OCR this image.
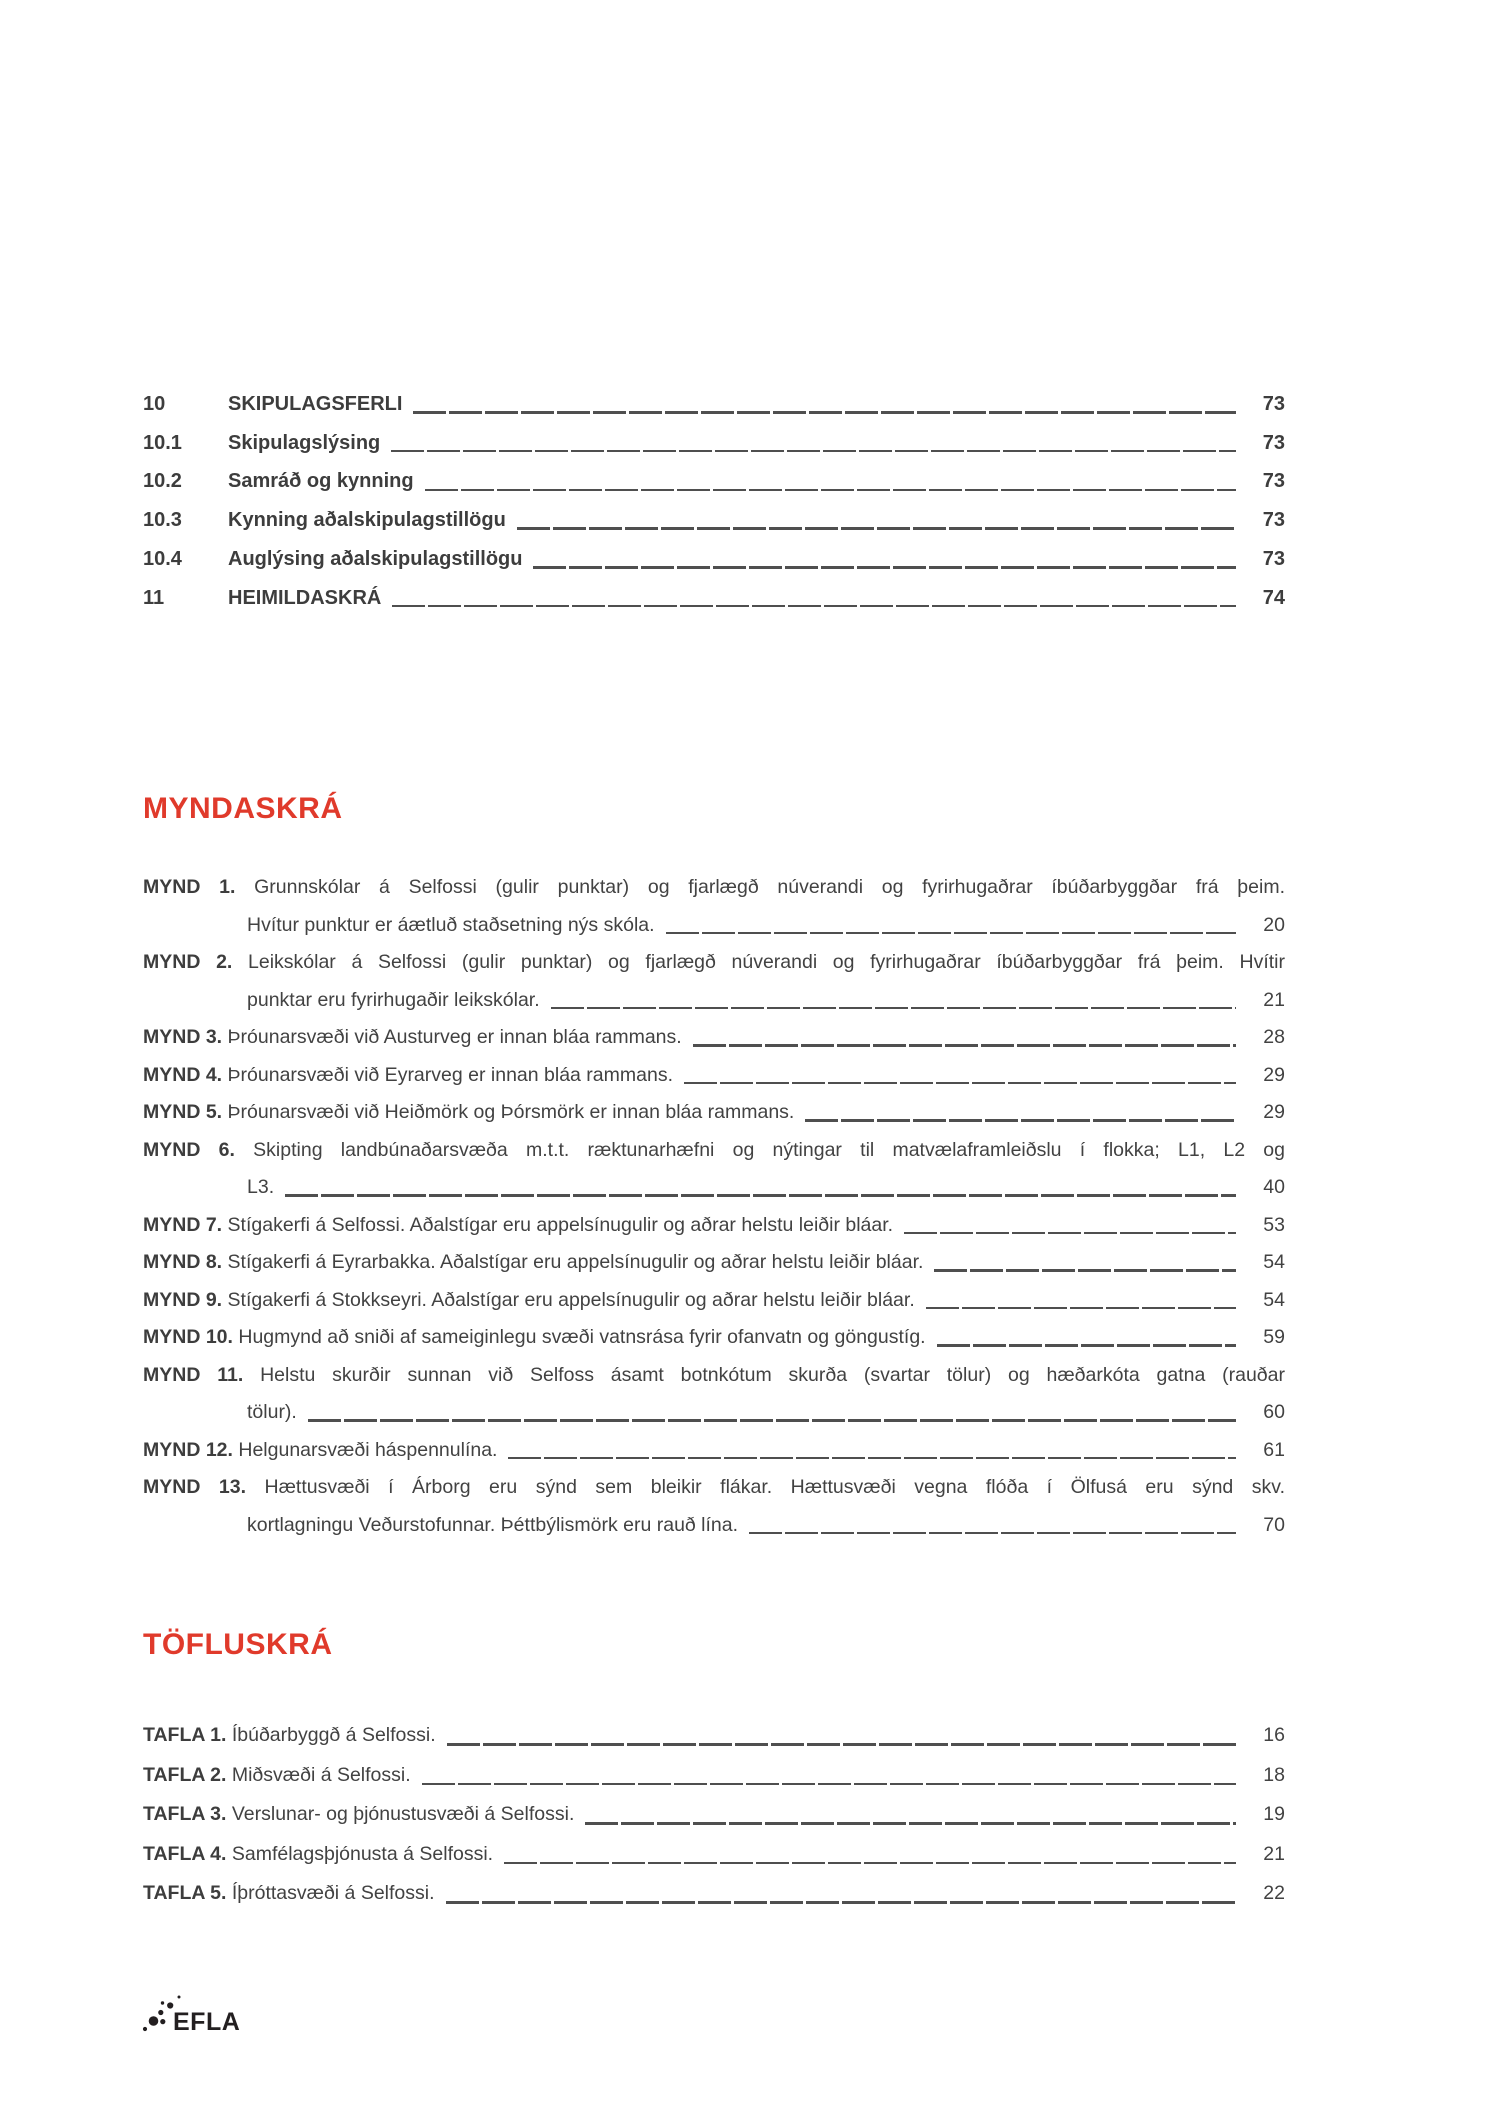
10	SKIPULAGSFERLI	73
10.1	Skipulagslýsing	73
10.2	Samráð og kynning	73
10.3	Kynning aðalskipulagstillögu	73
10.4	Auglýsing aðalskipulagstillögu	73
11	HEIMILDASKRÁ	74
MYNDASKRÁ
MYND 1. Grunnskólar á Selfossi (gulir punktar) og fjarlægð núverandi og fyrirhugaðrar íbúðarbyggðar frá þeim.
Hvítur punktur er áætluð staðsetning nýs skóla.	20
MYND 2. Leikskólar á Selfossi (gulir punktar) og fjarlægð núverandi og fyrirhugaðrar íbúðarbyggðar frá þeim. Hvítir
punktar eru fyrirhugaðir leikskólar.	21
MYND 3. Þróunarsvæði við Austurveg er innan bláa rammans.	28
MYND 4. Þróunarsvæði við Eyrarveg er innan bláa rammans.	29
MYND 5. Þróunarsvæði við Heiðmörk og Þórsmörk er innan bláa rammans.	29
MYND 6. Skipting landbúnaðarsvæða m.t.t. ræktunarhæfni og nýtingar til matvælaframleiðslu í flokka; L1, L2 og
L3.	40
MYND 7. Stígakerfi á Selfossi. Aðalstígar eru appelsínugulir og aðrar helstu leiðir bláar.	53
MYND 8. Stígakerfi á Eyrarbakka. Aðalstígar eru appelsínugulir og aðrar helstu leiðir bláar.	54
MYND 9. Stígakerfi á Stokkseyri. Aðalstígar eru appelsínugulir og aðrar helstu leiðir bláar.	54
MYND 10. Hugmynd að sniði af sameiginlegu svæði vatnsrása fyrir ofanvatn og göngustíg.	59
MYND 11. Helstu skurðir sunnan við Selfoss ásamt botnkótum skurða (svartar tölur) og hæðarkóta gatna (rauðar
tölur).	60
MYND 12. Helgunarsvæði háspennulína.	61
MYND 13. Hættusvæði í Árborg eru sýnd sem bleikir flákar. Hættusvæði vegna flóða í Ölfusá eru sýnd skv.
kortlagningu Veðurstofunnar. Þéttbýlismörk eru rauð lína.	70
TÖFLUSKRÁ
TAFLA 1. Íbúðarbyggð á Selfossi.	16
TAFLA 2. Miðsvæði á Selfossi.	18
TAFLA 3. Verslunar- og þjónustusvæði á Selfossi.	19
TAFLA 4. Samfélagsþjónusta á Selfossi.	21
TAFLA 5. Íþróttasvæði á Selfossi.	22
EFLA
